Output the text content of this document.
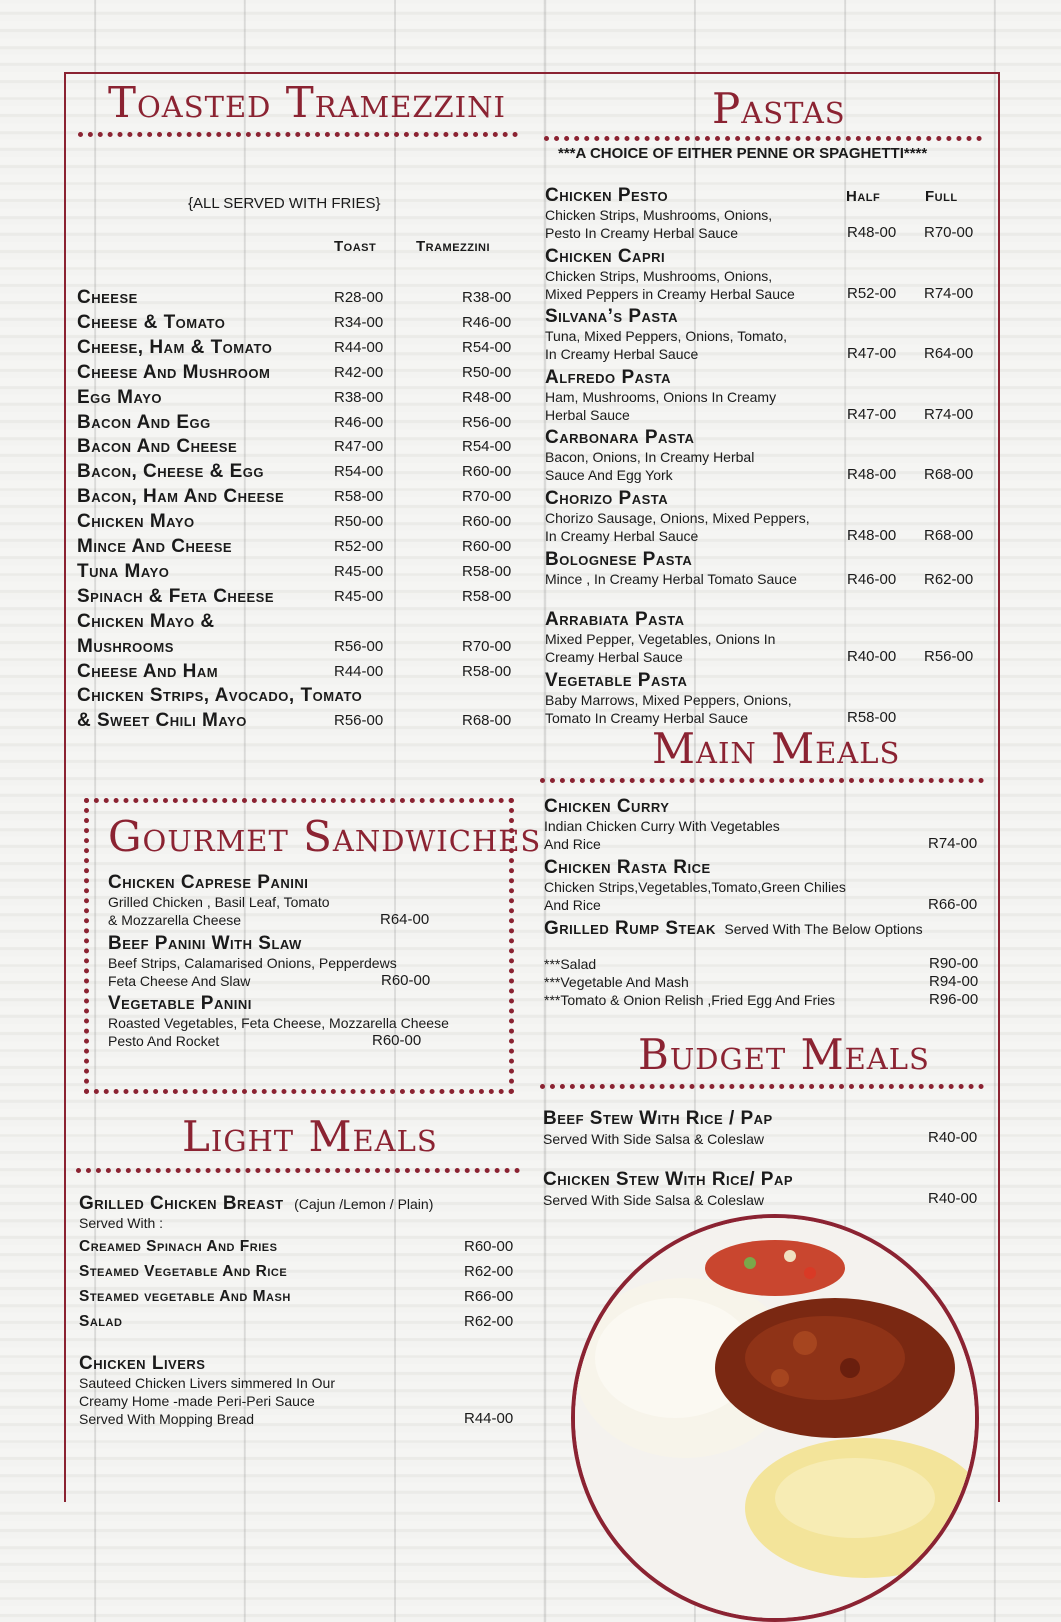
Toasted Tramezzini
{ALL SERVED WITH FRIES}
Toast	Tramezzini
Cheese	R28-00	R38-00
Cheese & Tomato	R34-00	R46-00
Cheese, Ham & Tomato	R44-00	R54-00
Cheese And Mushroom	R42-00	R50-00
Egg Mayo	R38-00	R48-00
Bacon And Egg	R46-00	R56-00
Bacon And Cheese	R47-00	R54-00
Bacon, Cheese & Egg	R54-00	R60-00
Bacon, Ham And Cheese	R58-00	R70-00
Chicken Mayo	R50-00	R60-00
Mince And Cheese	R52-00	R60-00
Tuna Mayo	R45-00	R58-00
Spinach & Feta Cheese	R45-00	R58-00
Chicken Mayo &
Mushrooms	R56-00	R70-00
Cheese And Ham	R44-00	R58-00
Chicken Strips, Avocado, Tomato
& Sweet Chili Mayo	R56-00	R68-00
Gourmet Sandwiches
Chicken Caprese Panini
Grilled Chicken , Basil Leaf, Tomato
& Mozzarella Cheese	R64-00
Beef Panini With Slaw
Beef Strips, Calamarised Onions, Pepperdews
Feta Cheese And Slaw	R60-00
Vegetable Panini
Roasted Vegetables, Feta Cheese, Mozzarella Cheese
Pesto And Rocket	R60-00
Light Meals
Grilled Chicken Breast (Cajun /Lemon / Plain)
Served With :
Creamed Spinach And Fries	R60-00
Steamed Vegetable And Rice	R62-00
Steamed vegetable And Mash	R66-00
Salad	R62-00
Chicken Livers
Sauteed Chicken Livers simmered In Our
Creamy Home -made Peri-Peri Sauce
Served With Mopping Bread	R44-00
Pastas
***A CHOICE OF EITHER PENNE OR SPAGHETTI****
Half	Full
Chicken Pesto
Chicken Strips, Mushrooms, Onions,
Pesto In Creamy Herbal Sauce	R48-00 R70-00
Chicken Capri
Chicken Strips, Mushrooms, Onions,
Mixed Peppers in Creamy Herbal Sauce	R52-00 R74-00
Silvana’s Pasta
Tuna, Mixed Peppers, Onions, Tomato,
In Creamy Herbal Sauce	R47-00 R64-00
Alfredo Pasta
Ham, Mushrooms, Onions In Creamy
Herbal Sauce	R47-00 R74-00
Carbonara Pasta
Bacon, Onions, In Creamy Herbal
Sauce And Egg York	R48-00 R68-00
Chorizo Pasta
Chorizo Sausage, Onions, Mixed Peppers,
In Creamy Herbal Sauce	R48-00 R68-00
Bolognese Pasta
Mince , In Creamy Herbal Tomato Sauce	R46-00 R62-00
Arrabiata Pasta
Mixed Pepper, Vegetables, Onions In
Creamy Herbal Sauce	R40-00 R56-00
Vegetable Pasta
Baby Marrows, Mixed Peppers, Onions,
Tomato In Creamy Herbal Sauce	R58-00
Main Meals
Chicken Curry
Indian Chicken Curry With Vegetables
And Rice	R74-00
Chicken Rasta Rice
Chicken Strips,Vegetables,Tomato,Green Chilies
And Rice	R66-00
Grilled Rump Steak Served With The Below Options
***Salad	R90-00
***Vegetable And Mash	R94-00
***Tomato & Onion Relish ,Fried Egg And Fries	R96-00
Budget Meals
Beef Stew With Rice / Pap
Served With Side Salsa & Coleslaw	R40-00
Chicken Stew With Rice/ Pap
Served With Side Salsa & Coleslaw	R40-00
